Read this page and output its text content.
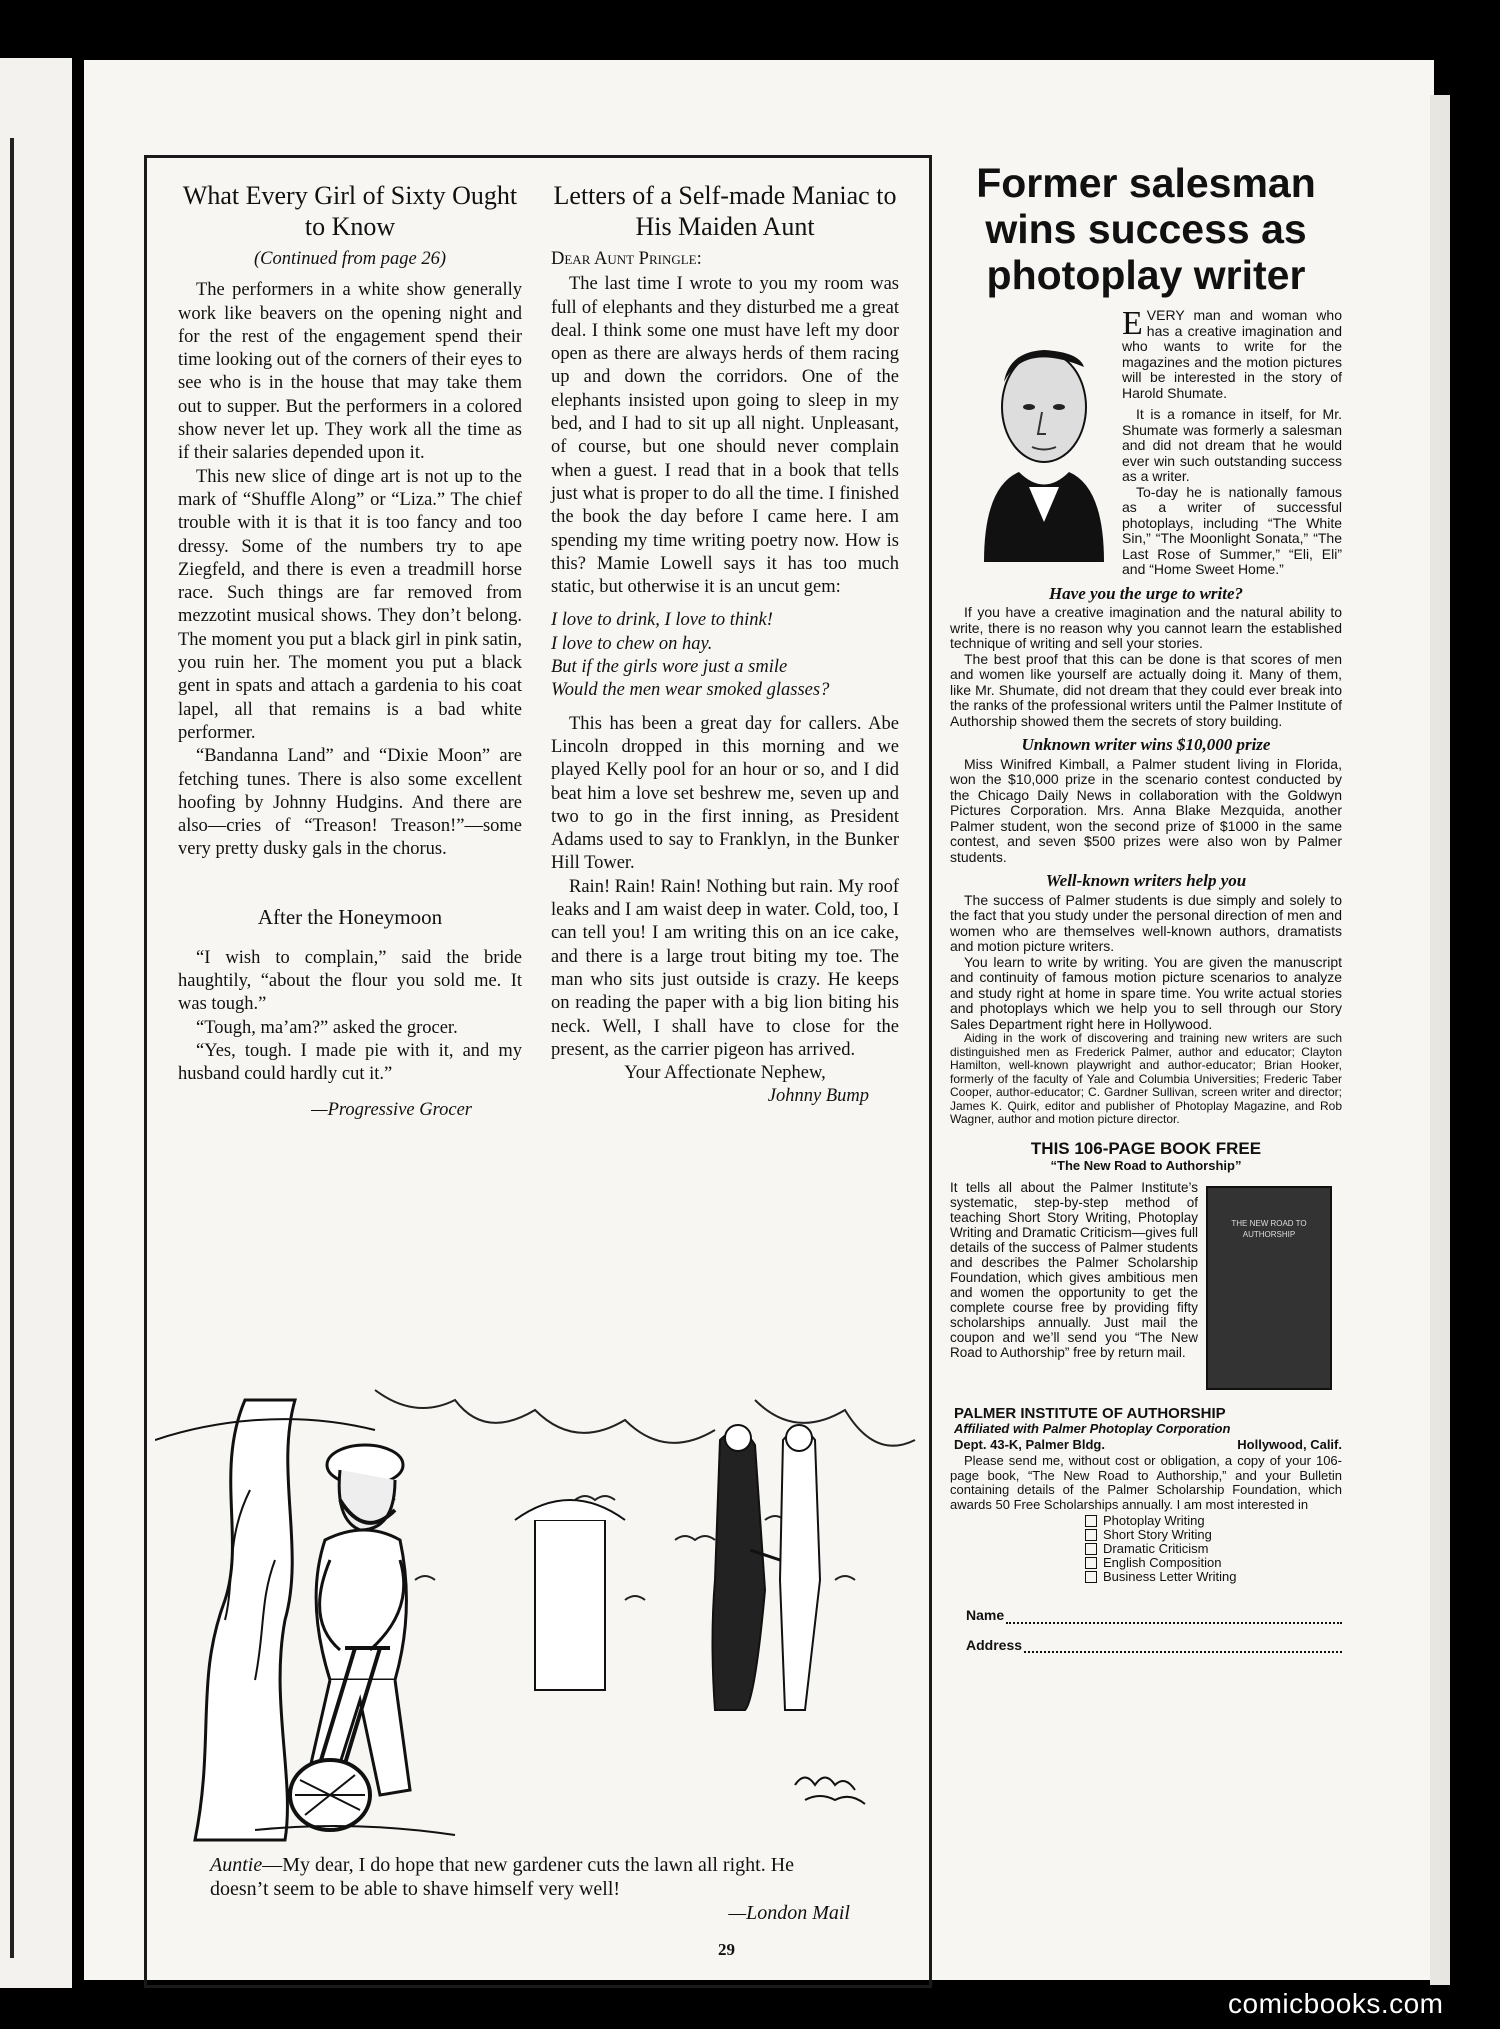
What Every Girl of Sixty Ought to Know
(Continued from page 26)

The performers in a white show generally work like beavers on the opening night and for the rest of the engagement spend their time looking out of the corners of their eyes to see who is in the house that may take them out to supper. But the performers in a colored show never let up. They work all the time as if their salaries depended upon it.

This new slice of dinge art is not up to the mark of “Shuffle Along” or “Liza.” The chief trouble with it is that it is too fancy and too dressy. Some of the numbers try to ape Ziegfeld, and there is even a treadmill horse race. Such things are far removed from mezzotint musical shows. They don’t belong. The moment you put a black girl in pink satin, you ruin her. The moment you put a black gent in spats and attach a gardenia to his coat lapel, all that remains is a bad white performer.

“Bandanna Land” and “Dixie Moon” are fetching tunes. There is also some excellent hoofing by Johnny Hudgins. And there are also—cries of “Treason! Treason!”—some very pretty dusky gals in the chorus.

After the Honeymoon

“I wish to complain,” said the bride haughtily, “about the flour you sold me. It was tough.”

“Tough, ma’am?” asked the grocer.

“Yes, tough. I made pie with it, and my husband could hardly cut it.”

—Progressive Grocer
Letters of a Self-made Maniac to His Maiden Aunt
Dear Aunt Pringle:

The last time I wrote to you my room was full of elephants and they disturbed me a great deal. I think some one must have left my door open as there are always herds of them racing up and down the corridors. One of the elephants insisted upon going to sleep in my bed, and I had to sit up all night. Unpleasant, of course, but one should never complain when a guest. I read that in a book that tells just what is proper to do all the time. I finished the book the day before I came here. I am spending my time writing poetry now. How is this? Mamie Lowell says it has too much static, but otherwise it is an uncut gem:

I love to drink, I love to think!
I love to chew on hay.
But if the girls wore just a smile
Would the men wear smoked glasses?

This has been a great day for callers. Abe Lincoln dropped in this morning and we played Kelly pool for an hour or so, and I did beat him a love set beshrew me, seven up and two to go in the first inning, as President Adams used to say to Franklyn, in the Bunker Hill Tower.

Rain! Rain! Rain! Nothing but rain. My roof leaks and I am waist deep in water. Cold, too, I can tell you! I am writing this on an ice cake, and there is a large trout biting my toe. The man who sits just outside is crazy. He keeps on reading the paper with a big lion biting his neck. Well, I shall have to close for the present, as the carrier pigeon has arrived.

Your Affectionate Nephew,
Johnny Bump
Auntie—My dear, I do hope that new gardener cuts the lawn all right. He doesn’t seem to be able to shave himself very well!
—London Mail
Former salesman wins success as photoplay writer

EVERY man and woman who has a creative imagination and who wants to write for the magazines and the motion pictures will be interested in the story of Harold Shumate.

It is a romance in itself, for Mr. Shumate was formerly a salesman and did not dream that he would ever win such outstanding success as a writer.

To-day he is nationally famous as a writer of successful photoplays, including “The White Sin,” “The Moonlight Sonata,” “The Last Rose of Summer,” “Eli, Eli” and “Home Sweet Home.”

Have you the urge to write?

If you have a creative imagination and the natural ability to write, there is no reason why you cannot learn the established technique of writing and sell your stories.

The best proof that this can be done is that scores of men and women like yourself are actually doing it. Many of them, like Mr. Shumate, did not dream that they could ever break into the ranks of the professional writers until the Palmer Institute of Authorship showed them the secrets of story building.

Unknown writer wins $10,000 prize

Miss Winifred Kimball, a Palmer student living in Florida, won the $10,000 prize in the scenario contest conducted by the Chicago Daily News in collaboration with the Goldwyn Pictures Corporation. Mrs. Anna Blake Mezquida, another Palmer student, won the second prize of $1000 in the same contest, and seven $500 prizes were also won by Palmer students.

Well-known writers help you

The success of Palmer students is due simply and solely to the fact that you study under the personal direction of men and women who are themselves well-known authors, dramatists and motion picture writers.

You learn to write by writing. You are given the manuscript and continuity of famous motion picture scenarios to analyze and study right at home in spare time. You write actual stories and photoplays which we help you to sell through our Story Sales Department right here in Hollywood.

Aiding in the work of discovering and training new writers are such distinguished men as Frederick Palmer, author and educator; Clayton Hamilton, well-known playwright and author-educator; Brian Hooker, formerly of the faculty of Yale and Columbia Universities; Frederic Taber Cooper, author-educator; C. Gardner Sullivan, screen writer and director; James K. Quirk, editor and publisher of Photoplay Magazine, and Rob Wagner, author and motion picture director.

THIS 106-PAGE BOOK FREE
“The New Road to Authorship”
THE NEW ROAD TO AUTHORSHIP

It tells all about the Palmer Institute’s systematic, step-by-step method of teaching Short Story Writing, Photoplay Writing and Dramatic Criticism—gives full details of the success of Palmer students and describes the Palmer Scholarship Foundation, which gives ambitious men and women the opportunity to get the complete course free by providing fifty scholarships annually. Just mail the coupon and we’ll send you “The New Road to Authorship” free by return mail.

PALMER INSTITUTE OF AUTHORSHIP
Affiliated with Palmer Photoplay Corporation
Dept. 43-K, Palmer Bldg.	Hollywood, Calif.

Please send me, without cost or obligation, a copy of your 106-page book, “The New Road to Authorship,” and your Bulletin containing details of the Palmer Scholarship Foundation, which awards 50 Free Scholarships annually. I am most interested in

Photoplay Writing
Short Story Writing
Dramatic Criticism
English Composition
Business Letter Writing
Name
Address
29
comicbooks.com
